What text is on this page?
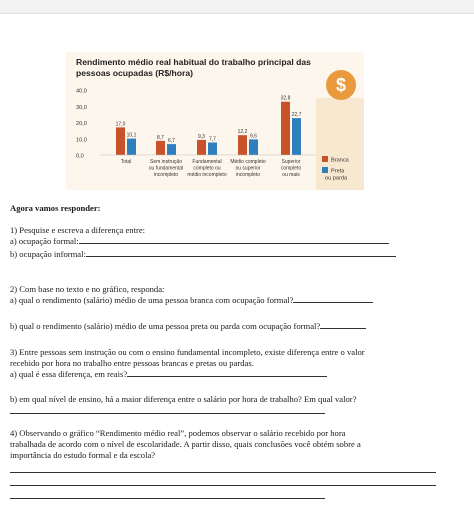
Rendimento médio real habitual do trabalho principal das pessoas ocupadas (R$/hora)
$
40,0
30,0
20,0
10,0
0,0
17,0
10,1
Total
8,7
6,7
Sem instrução
ou fundamental
incompleto
9,3 7,7
Fundamental
completo ou
médio incompleto
12,2
9,6
Médio completo
ou superior
incompleto
32,8
22,7
Superior
completo
ou mais
Branca
Preta
ou parda
Agora vamos responder:
1) Pesquise e escreva a diferença entre:
a) ocupação formal:
b) ocupação informal:
2) Com base no texto e no gráfico, responda:
a) qual o rendimento (salário) médio de uma pessoa branca com ocupação formal?
b) qual o rendimento (salário) médio de uma pessoa preta ou parda com ocupação formal?
3) Entre pessoas sem instrução ou com o ensino fundamental incompleto, existe diferença entre o valor
recebido por hora no trabalho entre pessoas brancas e pretas ou pardas.
a) qual é essa diferença, em reais?
b) em qual nível de ensino, há a maior diferença entre o salário por hora de trabalho? Em qual valor?
4) Observando o gráfico “Rendimento médio real”, podemos observar o salário recebido por hora
trabalhada de acordo com o nível de escolaridade. A partir disso, quais conclusões você obtém sobre a
importância do estudo formal e da escola?
